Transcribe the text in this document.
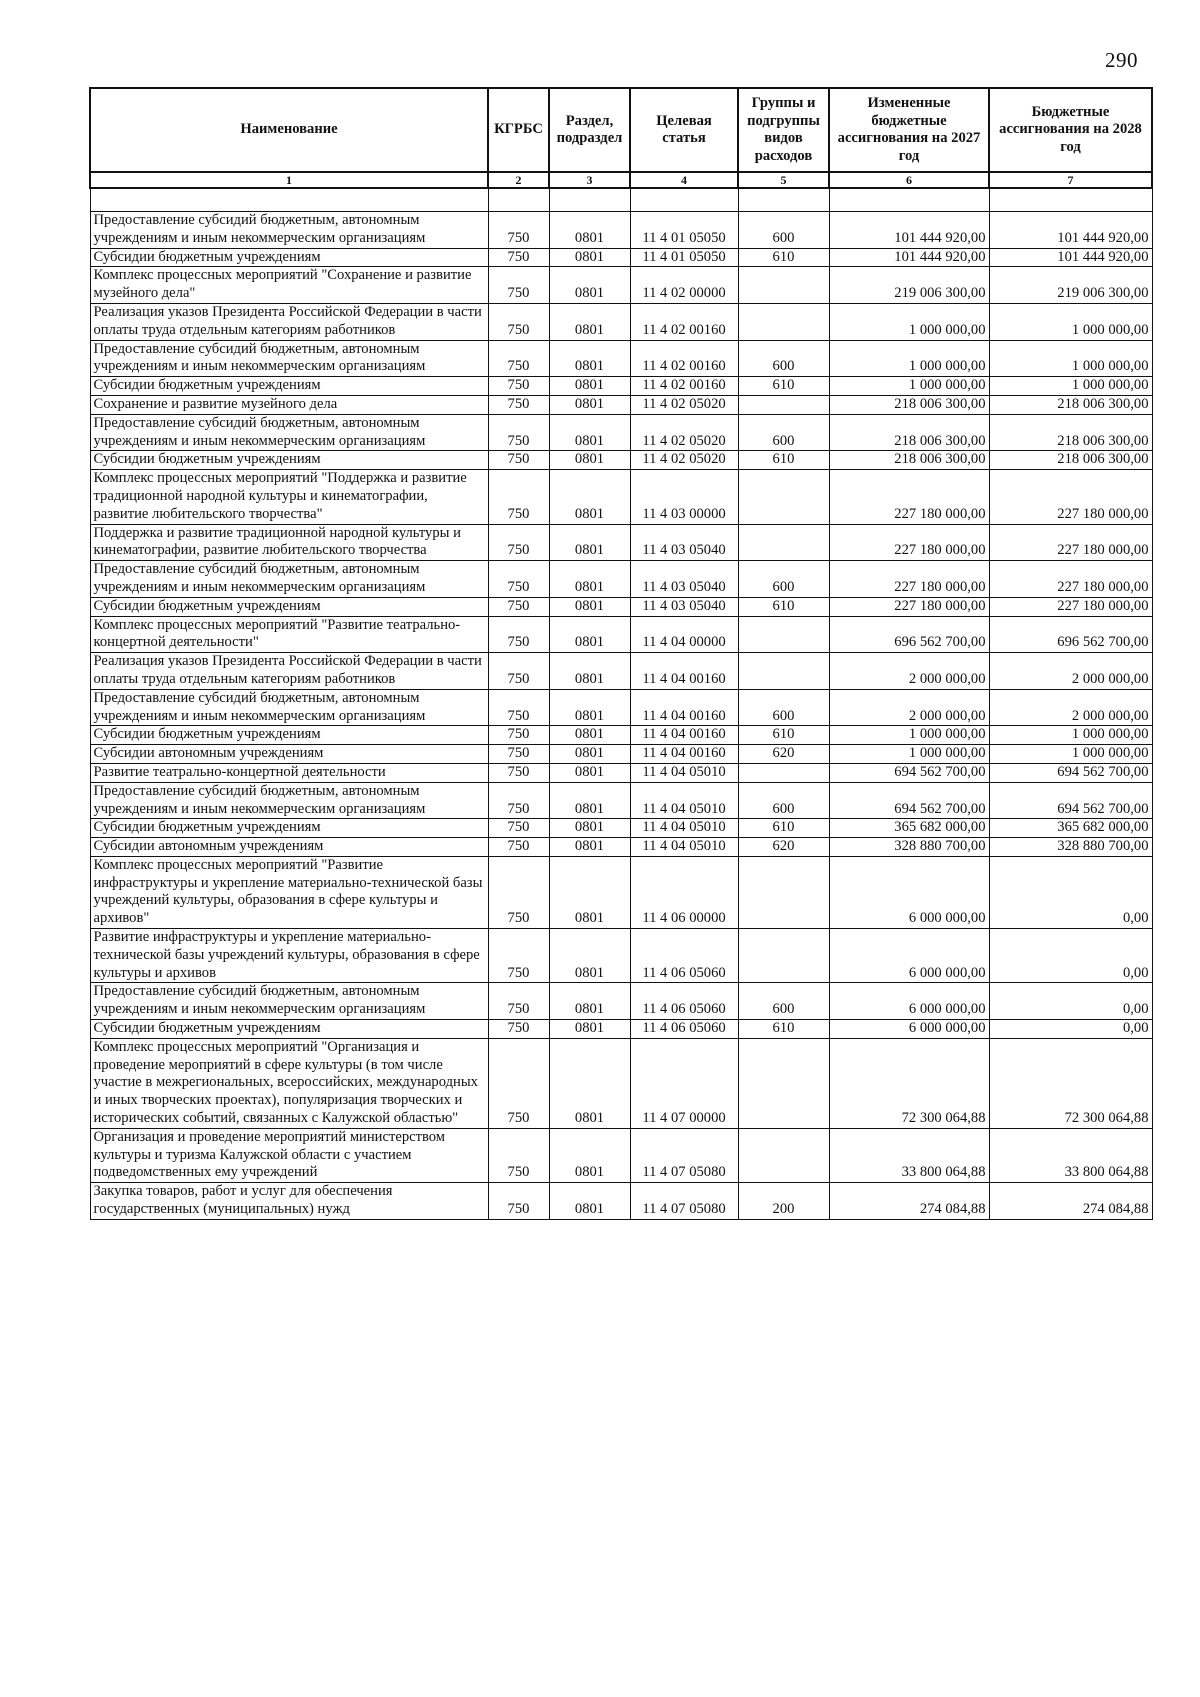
290
Наименование	КГРБС	Раздел, подраздел	Целевая статья	Группы и подгруппы видов расходов	Измененные бюджетные ассигнования на 2027 год	Бюджетные ассигнования на 2028 год
1	2	3	4	5	6	7

Предоставление субсидий бюджетным, автономным учреждениям и иным некоммерческим организациям	750	0801	11 4 01 05050	600	101 444 920,00	101 444 920,00
Субсидии бюджетным учреждениям	750	0801	11 4 01 05050	610	101 444 920,00	101 444 920,00
Комплекс процессных мероприятий "Сохранение и развитие музейного дела"	750	0801	11 4 02 00000		219 006 300,00	219 006 300,00
Реализация указов Президента Российской Федерации в части оплаты труда отдельным категориям работников	750	0801	11 4 02 00160		1 000 000,00	1 000 000,00
Предоставление субсидий бюджетным, автономным учреждениям и иным некоммерческим организациям	750	0801	11 4 02 00160	600	1 000 000,00	1 000 000,00
Субсидии бюджетным учреждениям	750	0801	11 4 02 00160	610	1 000 000,00	1 000 000,00
Сохранение и развитие музейного дела	750	0801	11 4 02 05020		218 006 300,00	218 006 300,00
Предоставление субсидий бюджетным, автономным учреждениям и иным некоммерческим организациям	750	0801	11 4 02 05020	600	218 006 300,00	218 006 300,00
Субсидии бюджетным учреждениям	750	0801	11 4 02 05020	610	218 006 300,00	218 006 300,00
Комплекс процессных мероприятий "Поддержка и развитие традиционной народной культуры и кинематографии, развитие любительского творчества"	750	0801	11 4 03 00000		227 180 000,00	227 180 000,00
Поддержка и развитие традиционной народной культуры и кинематографии, развитие любительского творчества	750	0801	11 4 03 05040		227 180 000,00	227 180 000,00
Предоставление субсидий бюджетным, автономным учреждениям и иным некоммерческим организациям	750	0801	11 4 03 05040	600	227 180 000,00	227 180 000,00
Субсидии бюджетным учреждениям	750	0801	11 4 03 05040	610	227 180 000,00	227 180 000,00
Комплекс процессных мероприятий "Развитие театрально-концертной деятельности"	750	0801	11 4 04 00000		696 562 700,00	696 562 700,00
Реализация указов Президента Российской Федерации в части оплаты труда отдельным категориям работников	750	0801	11 4 04 00160		2 000 000,00	2 000 000,00
Предоставление субсидий бюджетным, автономным учреждениям и иным некоммерческим организациям	750	0801	11 4 04 00160	600	2 000 000,00	2 000 000,00
Субсидии бюджетным учреждениям	750	0801	11 4 04 00160	610	1 000 000,00	1 000 000,00
Субсидии автономным учреждениям	750	0801	11 4 04 00160	620	1 000 000,00	1 000 000,00
Развитие театрально-концертной деятельности	750	0801	11 4 04 05010		694 562 700,00	694 562 700,00
Предоставление субсидий бюджетным, автономным учреждениям и иным некоммерческим организациям	750	0801	11 4 04 05010	600	694 562 700,00	694 562 700,00
Субсидии бюджетным учреждениям	750	0801	11 4 04 05010	610	365 682 000,00	365 682 000,00
Субсидии автономным учреждениям	750	0801	11 4 04 05010	620	328 880 700,00	328 880 700,00
Комплекс процессных мероприятий "Развитие инфраструктуры и укрепление материально-технической базы учреждений культуры, образования в сфере культуры и архивов"	750	0801	11 4 06 00000		6 000 000,00	0,00
Развитие инфраструктуры и укрепление материально-технической базы учреждений культуры, образования в сфере культуры и архивов	750	0801	11 4 06 05060		6 000 000,00	0,00
Предоставление субсидий бюджетным, автономным учреждениям и иным некоммерческим организациям	750	0801	11 4 06 05060	600	6 000 000,00	0,00
Субсидии бюджетным учреждениям	750	0801	11 4 06 05060	610	6 000 000,00	0,00
Комплекс процессных мероприятий "Организация и проведение мероприятий в сфере культуры (в том числе участие в межрегиональных, всероссийских, международных и иных творческих проектах), популяризация творческих и исторических событий, связанных с Калужской областью"	750	0801	11 4 07 00000		72 300 064,88	72 300 064,88
Организация и проведение мероприятий министерством культуры и туризма Калужской области с участием подведомственных ему учреждений	750	0801	11 4 07 05080		33 800 064,88	33 800 064,88
Закупка товаров, работ и услуг для обеспечения государственных (муниципальных) нужд	750	0801	11 4 07 05080	200	274 084,88	274 084,88
